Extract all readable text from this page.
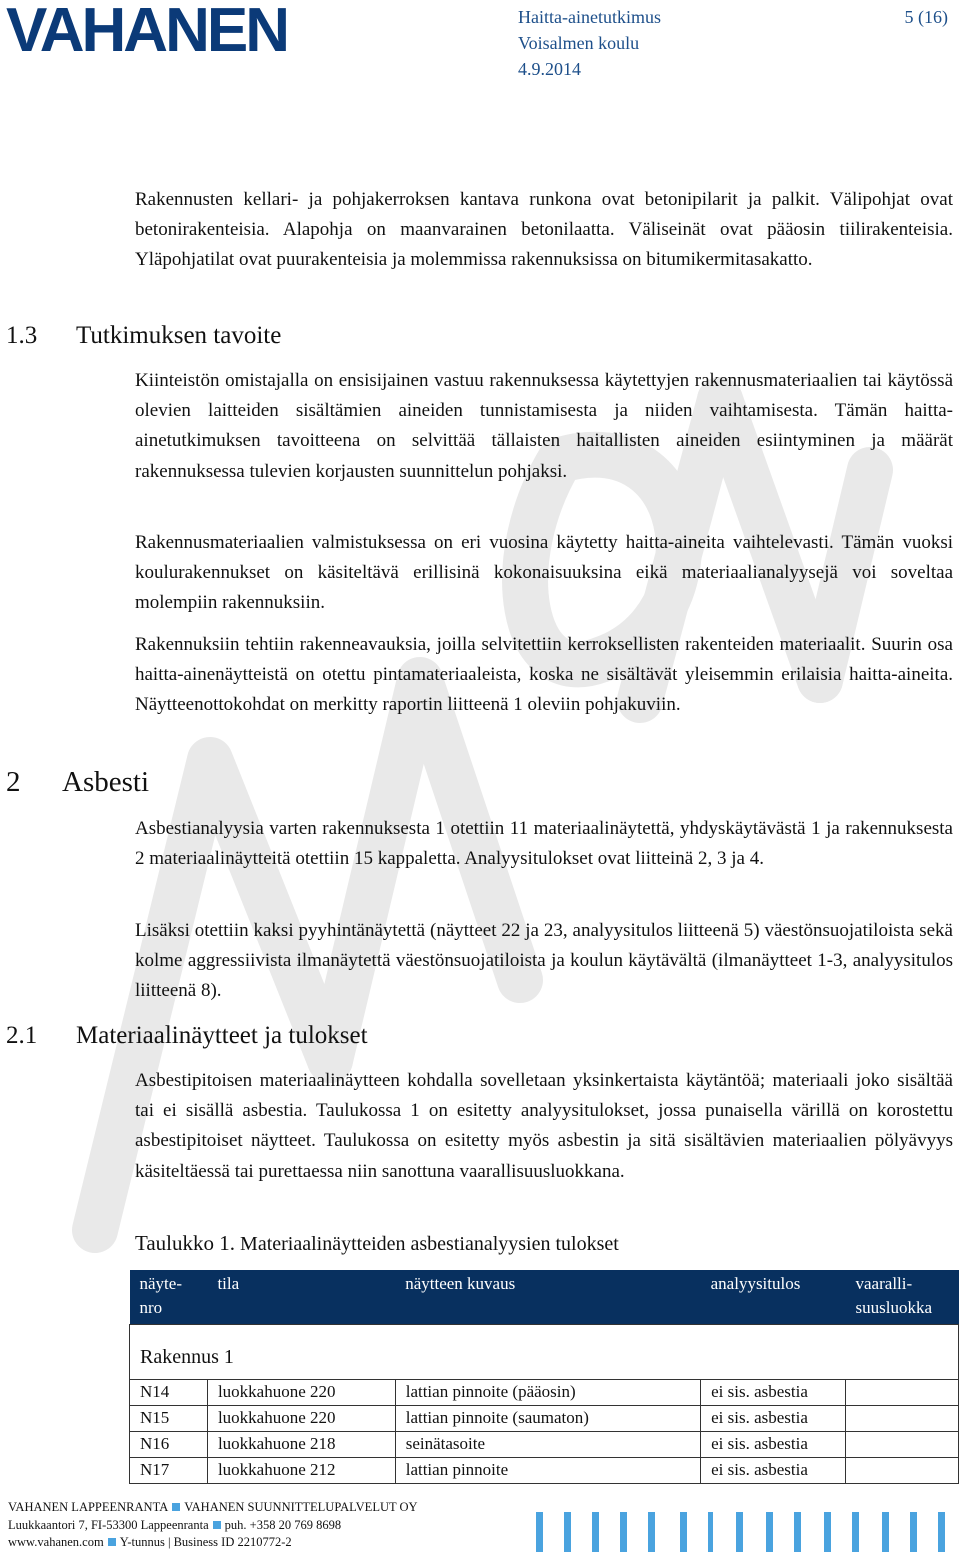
VAHANEN	Haitta-ainetutkimus
Voisalmen koulu
4.9.2014
5 (16)

Rakennusten kellari- ja pohjakerroksen kantava runkona ovat betonipilarit ja palkit. Välipohjat ovat betonirakenteisia. Alapohja on maanvarainen betonilaatta. Väliseinät ovat pääosin tiilirakenteisia. Yläpohjatilat ovat puurakenteisia ja molemmissa rakennuksissa on bitumikermitasakatto.

1.3 Tutkimuksen tavoite

Kiinteistön omistajalla on ensisijainen vastuu rakennuksessa käytettyjen rakennusmateriaalien tai käytössä olevien laitteiden sisältämien aineiden tunnistamisesta ja niiden vaihtamisesta. Tämän haitta-ainetutkimuksen tavoitteena on selvittää tällaisten haitallisten aineiden esiintyminen ja määrät rakennuksessa tulevien korjausten suunnittelun pohjaksi.

Rakennusmateriaalien valmistuksessa on eri vuosina käytetty haitta-aineita vaihtelevasti. Tämän vuoksi koulurakennukset on käsiteltävä erillisinä kokonaisuuksina eikä materiaalianalyysejä voi soveltaa molempiin rakennuksiin.

Rakennuksiin tehtiin rakenneavauksia, joilla selvitettiin kerroksellisten rakenteiden materiaalit. Suurin osa haitta-ainenäytteistä on otettu pintamateriaaleista, koska ne sisältävät yleisemmin erilaisia haitta-aineita. Näytteenottokohdat on merkitty raportin liitteenä 1 oleviin pohjakuviin.

2 Asbesti

Asbestianalyysia varten rakennuksesta 1 otettiin 11 materiaalinäytettä, yhdyskäytävästä 1 ja rakennuksesta 2 materiaalinäytteitä otettiin 15 kappaletta. Analyysitulokset ovat liitteinä 2, 3 ja 4.

Lisäksi otettiin kaksi pyyhintänäytettä (näytteet 22 ja 23, analyysitulos liitteenä 5) väestönsuojatiloista sekä kolme aggressiivista ilmanäytettä väestönsuojatiloista ja koulun käytävältä (ilmanäytteet 1-3, analyysitulos liitteenä 8).

2.1 Materiaalinäytteet ja tulokset

Asbestipitoisen materiaalinäytteen kohdalla sovelletaan yksinkertaista käytäntöä; materiaali joko sisältää tai ei sisällä asbestia. Taulukossa 1 on esitetty analyysitulokset, jossa punaisella värillä on korostettu asbestipitoiset näytteet. Taulukossa on esitetty myös asbestin ja sitä sisältävien materiaalien pölyävyys käsiteltäessä tai purettaessa niin sanottuna vaarallisuusluokkana.

Taulukko 1. Materiaalinäytteiden asbestianalyysien tulokset
näyte-nro	tila	näytteen kuvaus	analyysitulos	vaaralli-suusluokka
Rakennus 1				
N14	luokkahuone 220	lattian pinnoite (pääosin)	ei sis. asbestia	
N15	luokkahuone 220	lattian pinnoite (saumaton)	ei sis. asbestia	
N16	luokkahuone 218	seinätasoite	ei sis. asbestia	
N17	luokkahuone 212	lattian pinnoite	ei sis. asbestia	
VAHANEN LAPPEENRANTA VAHANEN SUUNNITTELUPALVELUT OY
Luukkaantori 7, FI-53300 Lappeenranta puh. +358 20 769 8698
www.vahanen.com Y-tunnus | Business ID 2210772-2
